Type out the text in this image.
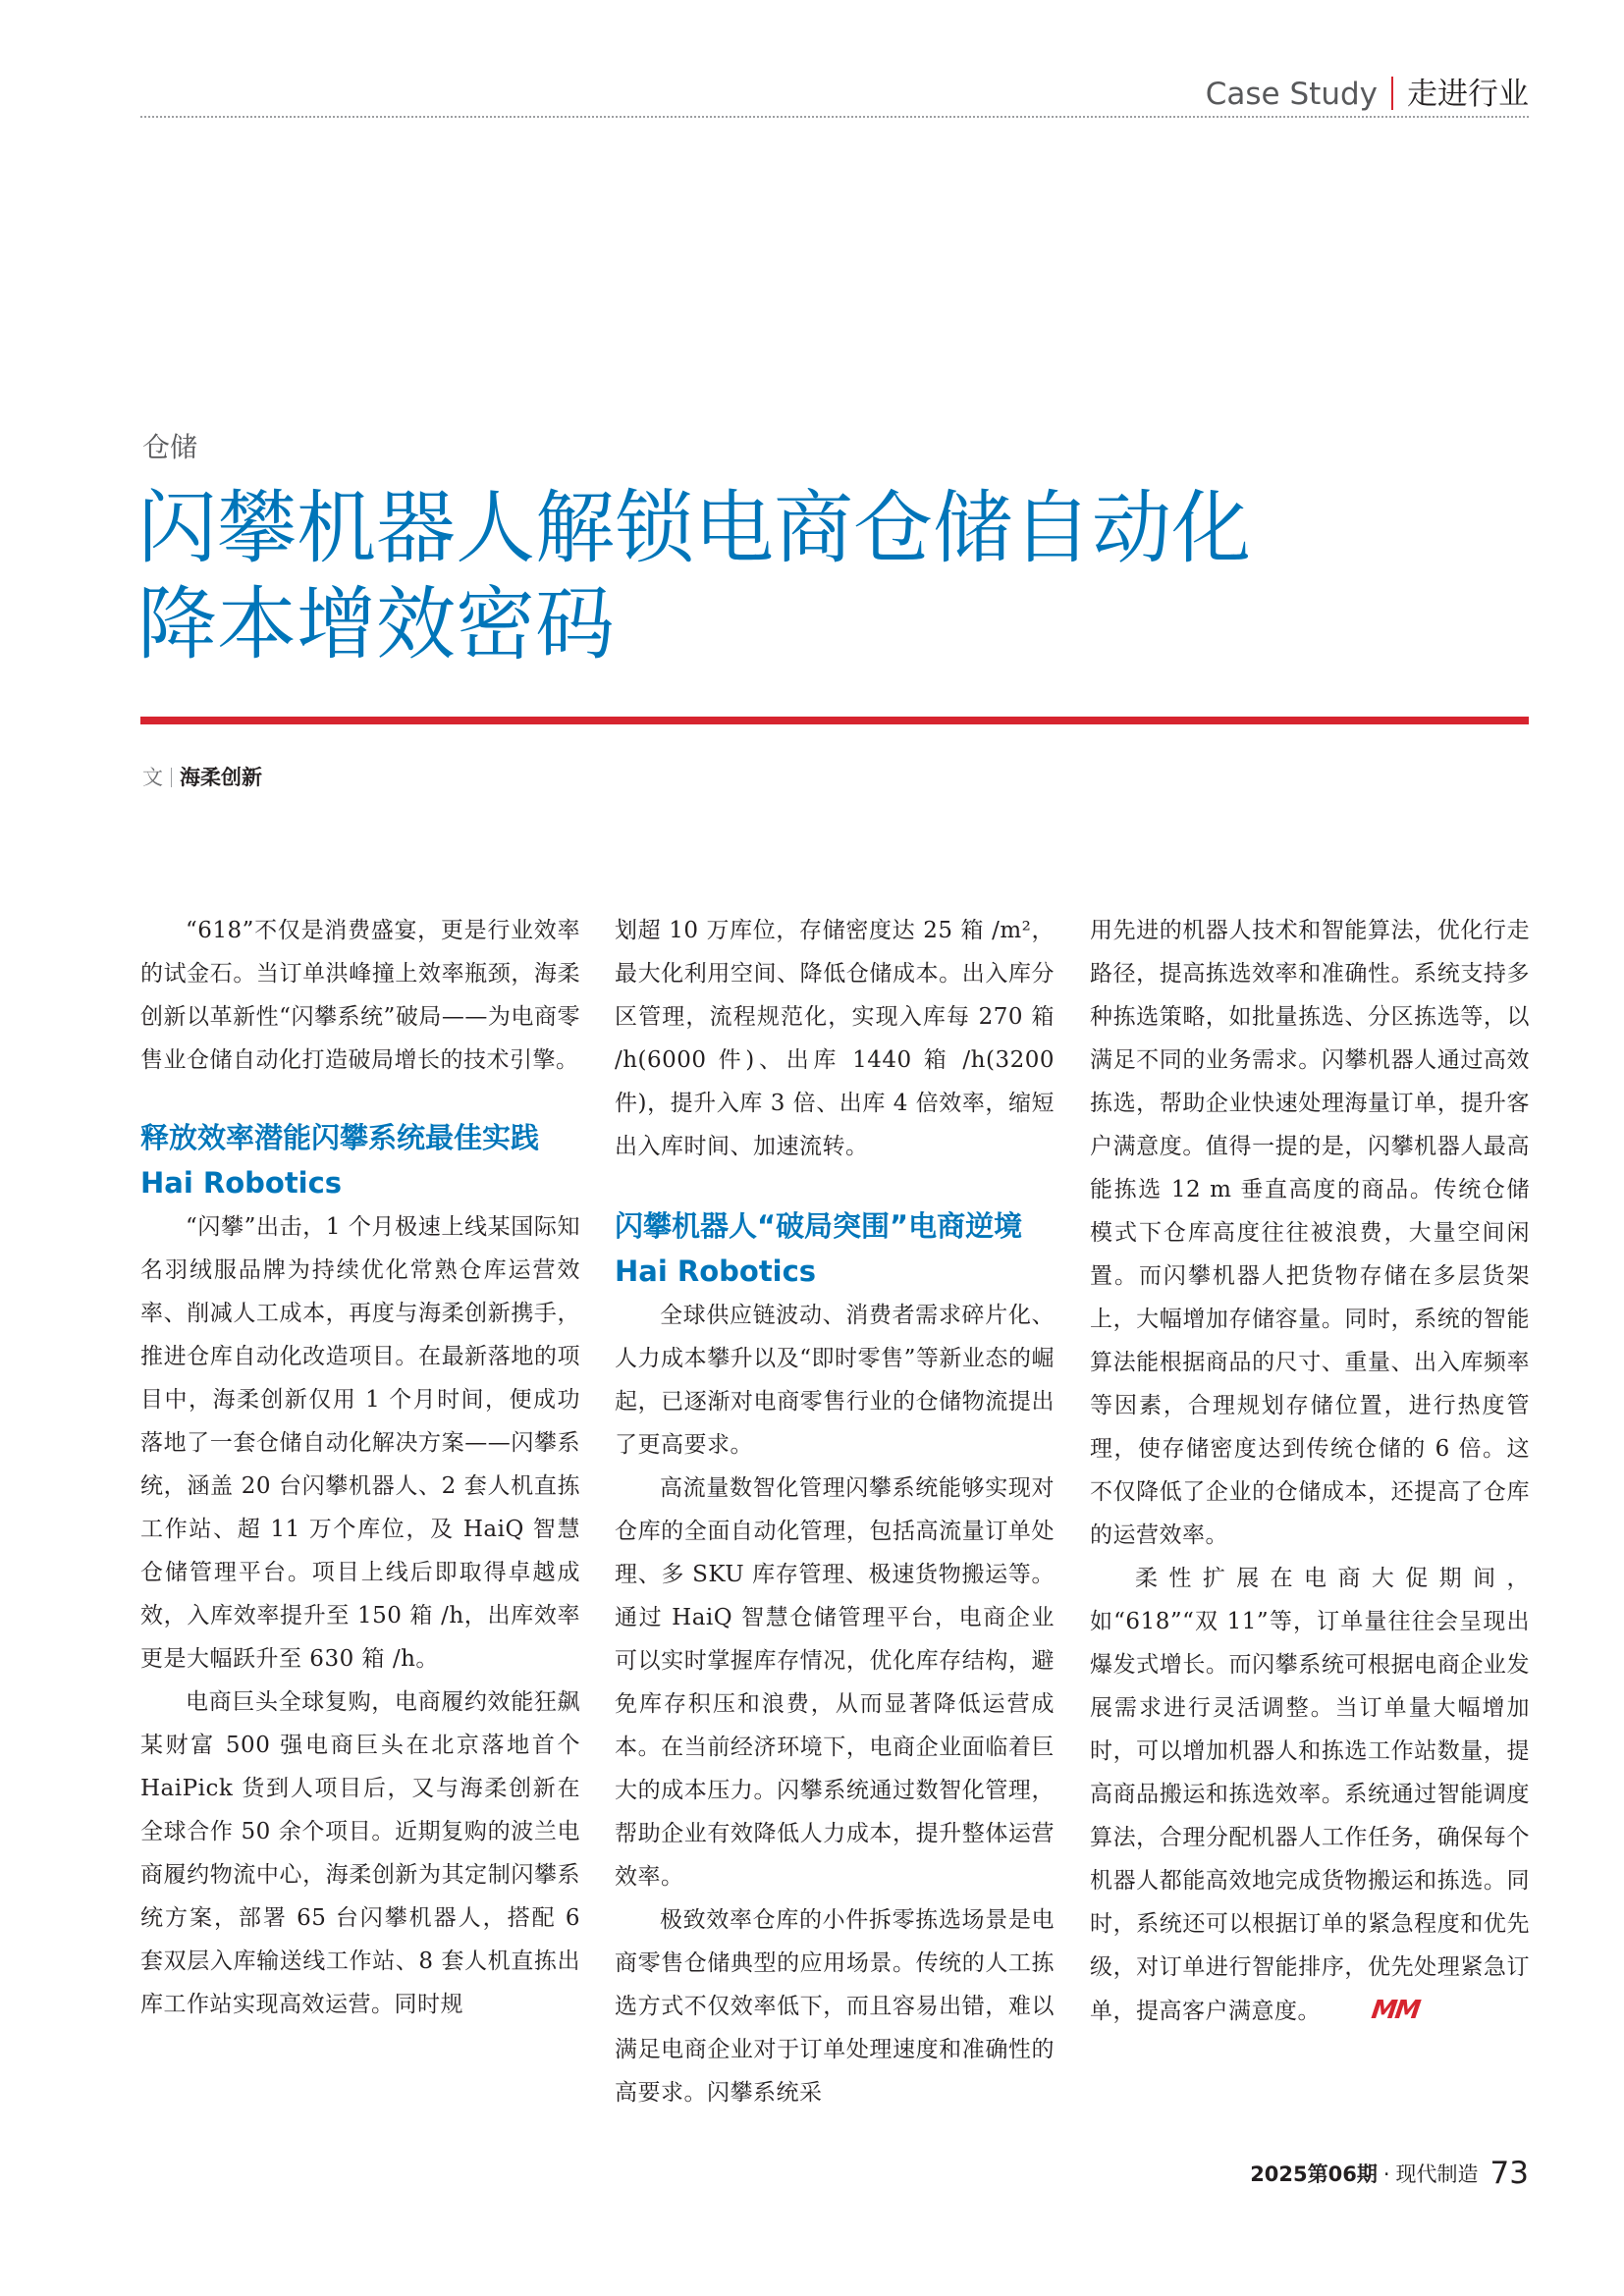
Case Study 走进行业
仓储
闪攀机器人解锁电商仓储自动化
降本增效密码
文 海柔创新

“618”不仅是消费盛宴，更是行业效率的试金石。当订单洪峰撞上效率瓶颈，海柔创新以革新性“闪攀系统”破局——为电商零售业仓储自动化打造破局增长的技术引擎。

释放效率潜能闪攀系统最佳实践 Hai Robotics

“闪攀”出击，1 个月极速上线某国际知名羽绒服品牌为持续优化常熟仓库运营效率、削减人工成本，再度与海柔创新携手，推进仓库自动化改造项目。在最新落地的项目中，海柔创新仅用 1 个月时间，便成功落地了一套仓储自动化解决方案——闪攀系统，涵盖 20 台闪攀机器人、2 套人机直拣工作站、超 11 万个库位，及 HaiQ 智慧仓储管理平台。项目上线后即取得卓越成效，入库效率提升至 150 箱 /h，出库效率更是大幅跃升至 630 箱 /h。

电商巨头全球复购，电商履约效能狂飙某财富 500 强电商巨头在北京落地首个 HaiPick 货到人项目后，又与海柔创新在全球合作 50 余个项目。近期复购的波兰电商履约物流中心，海柔创新为其定制闪攀系统方案，部署 65 台闪攀机器人，搭配 6 套双层入库输送线工作站、8 套人机直拣出库工作站实现高效运营。同时规

划超 10 万库位，存储密度达 25 箱 /m²，最大化利用空间、降低仓储成本。出入库分区管理，流程规范化，实现入库每 270 箱 /h(6000 件)、出库 1440 箱 /h(3200 件)，提升入库 3 倍、出库 4 倍效率，缩短出入库时间、加速流转。

闪攀机器人“破局突围”电商逆境 Hai Robotics

全球供应链波动、消费者需求碎片化、人力成本攀升以及“即时零售”等新业态的崛起，已逐渐对电商零售行业的仓储物流提出了更高要求。

高流量数智化管理闪攀系统能够实现对仓库的全面自动化管理，包括高流量订单处理、多 SKU 库存管理、极速货物搬运等。通过 HaiQ 智慧仓储管理平台，电商企业可以实时掌握库存情况，优化库存结构，避免库存积压和浪费，从而显著降低运营成本。在当前经济环境下，电商企业面临着巨大的成本压力。闪攀系统通过数智化管理，帮助企业有效降低人力成本，提升整体运营效率。

极致效率仓库的小件拆零拣选场景是电商零售仓储典型的应用场景。传统的人工拣选方式不仅效率低下，而且容易出错，难以满足电商企业对于订单处理速度和准确性的高要求。闪攀系统采

用先进的机器人技术和智能算法，优化行走路径，提高拣选效率和准确性。系统支持多种拣选策略，如批量拣选、分区拣选等，以满足不同的业务需求。闪攀机器人通过高效拣选，帮助企业快速处理海量订单，提升客户满意度。值得一提的是，闪攀机器人最高能拣选 12 m 垂直高度的商品。传统仓储模式下仓库高度往往被浪费，大量空间闲置。而闪攀机器人把货物存储在多层货架上，大幅增加存储容量。同时，系统的智能算法能根据商品的尺寸、重量、出入库频率等因素，合理规划存储位置，进行热度管理，使存储密度达到传统仓储的 6 倍。这不仅降低了企业的仓储成本，还提高了仓库的运营效率。

柔性扩展在电商大促期间，如“618”“双 11”等，订单量往往会呈现出爆发式增长。而闪攀系统可根据电商企业发展需求进行灵活调整。当订单量大幅增加时，可以增加机器人和拣选工作站数量，提高商品搬运和拣选效率。系统通过智能调度算法，合理分配机器人工作任务，确保每个机器人都能高效地完成货物搬运和拣选。同时，系统还可以根据订单的紧急程度和优先级，对订单进行智能排序，优先处理紧急订单，提高客户满意度。 MM

2025第06期 · 现代制造 73
